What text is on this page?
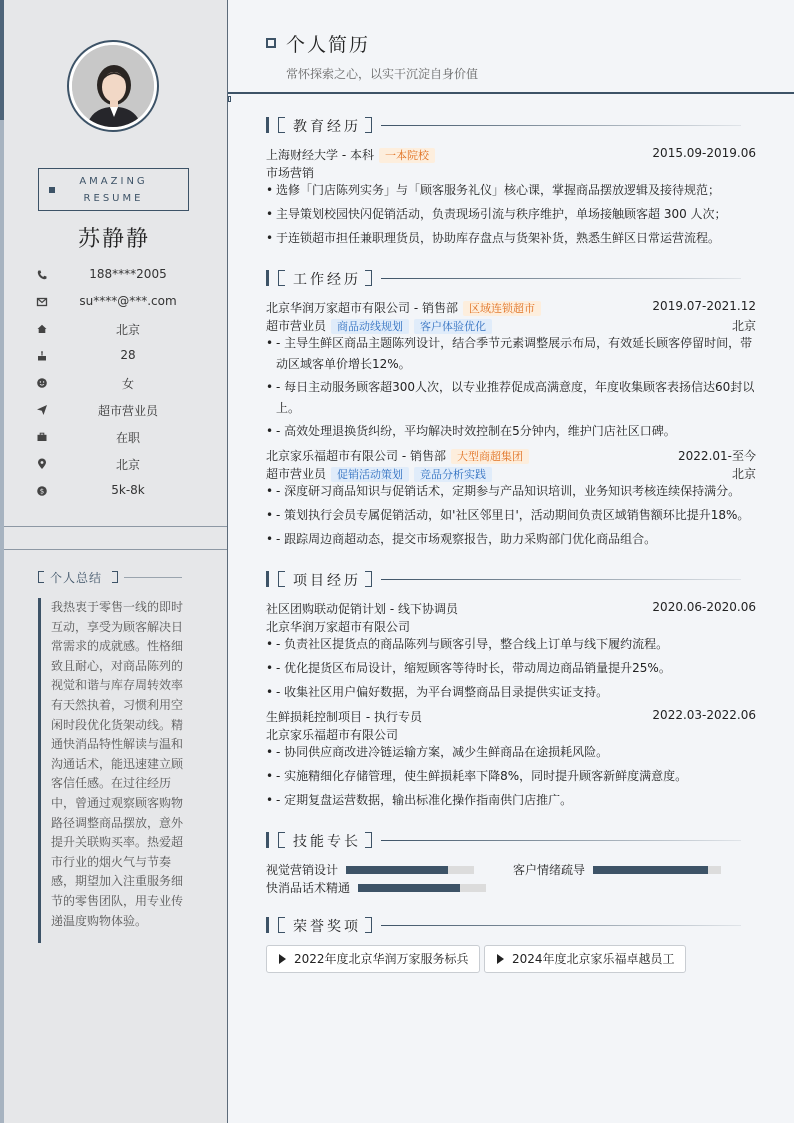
AMAZING
RESUME
苏静静
188****2005
su****@***.com
北京
28
女
超市营业员
在职
北京
$	5k-8k
个人总结
我热衷于零售一线的即时互动，享受为顾客解决日常需求的成就感。性格细致且耐心，对商品陈列的视觉和谐与库存周转效率有天然执着，习惯利用空闲时段优化货架动线。精通快消品特性解读与温和沟通话术，能迅速建立顾客信任感。在过往经历中，曾通过观察顾客购物路径调整商品摆放，意外提升关联购买率。热爱超市行业的烟火气与节奏感，期望加入注重服务细节的零售团队，用专业传递温度购物体验。
个人简历
常怀探索之心，以实干沉淀自身价值
教育经历
上海财经大学 - 本科 一本院校	2015.09-2019.06
市场营销
• 选修「门店陈列实务」与「顾客服务礼仪」核心课，掌握商品摆放逻辑及接待规范；
• 主导策划校园快闪促销活动，负责现场引流与秩序维护，单场接触顾客超 300 人次；
• 于连锁超市担任兼职理货员，协助库存盘点与货架补货，熟悉生鲜区日常运营流程。
工作经历
北京华润万家超市有限公司 - 销售部 区域连锁超市	2019.07-2021.12
超市营业员 商品动线规划 客户体验优化	北京
• - 主导生鲜区商品主题陈列设计，结合季节元素调整展示布局，有效延长顾客停留时间，带动区域客单价增长12%。
• - 每日主动服务顾客超300人次，以专业推荐促成高满意度，年度收集顾客表扬信达60封以上。
• - 高效处理退换货纠纷，平均解决时效控制在5分钟内，维护门店社区口碑。
北京家乐福超市有限公司 - 销售部 大型商超集团	2022.01-至今
超市营业员 促销活动策划 竞品分析实践	北京
• - 深度研习商品知识与促销话术，定期参与产品知识培训，业务知识考核连续保持满分。
• - 策划执行会员专属促销活动，如'社区邻里日'，活动期间负责区域销售额环比提升18%。
• - 跟踪周边商超动态，提交市场观察报告，助力采购部门优化商品组合。
项目经历
社区团购联动促销计划 - 线下协调员	2020.06-2020.06
北京华润万家超市有限公司
• - 负责社区提货点的商品陈列与顾客引导，整合线上订单与线下履约流程。
• - 优化提货区布局设计，缩短顾客等待时长，带动周边商品销量提升25%。
• - 收集社区用户偏好数据，为平台调整商品目录提供实证支持。
生鲜损耗控制项目 - 执行专员	2022.03-2022.06
北京家乐福超市有限公司
• - 协同供应商改进冷链运输方案，减少生鲜商品在途损耗风险。
• - 实施精细化存储管理，使生鲜损耗率下降8%，同时提升顾客新鲜度满意度。
• - 定期复盘运营数据，输出标准化操作指南供门店推广。
技能专长
视觉营销设计	客户情绪疏导
快消品话术精通
荣誉奖项
2022年度北京华润万家服务标兵	2024年度北京家乐福卓越员工
